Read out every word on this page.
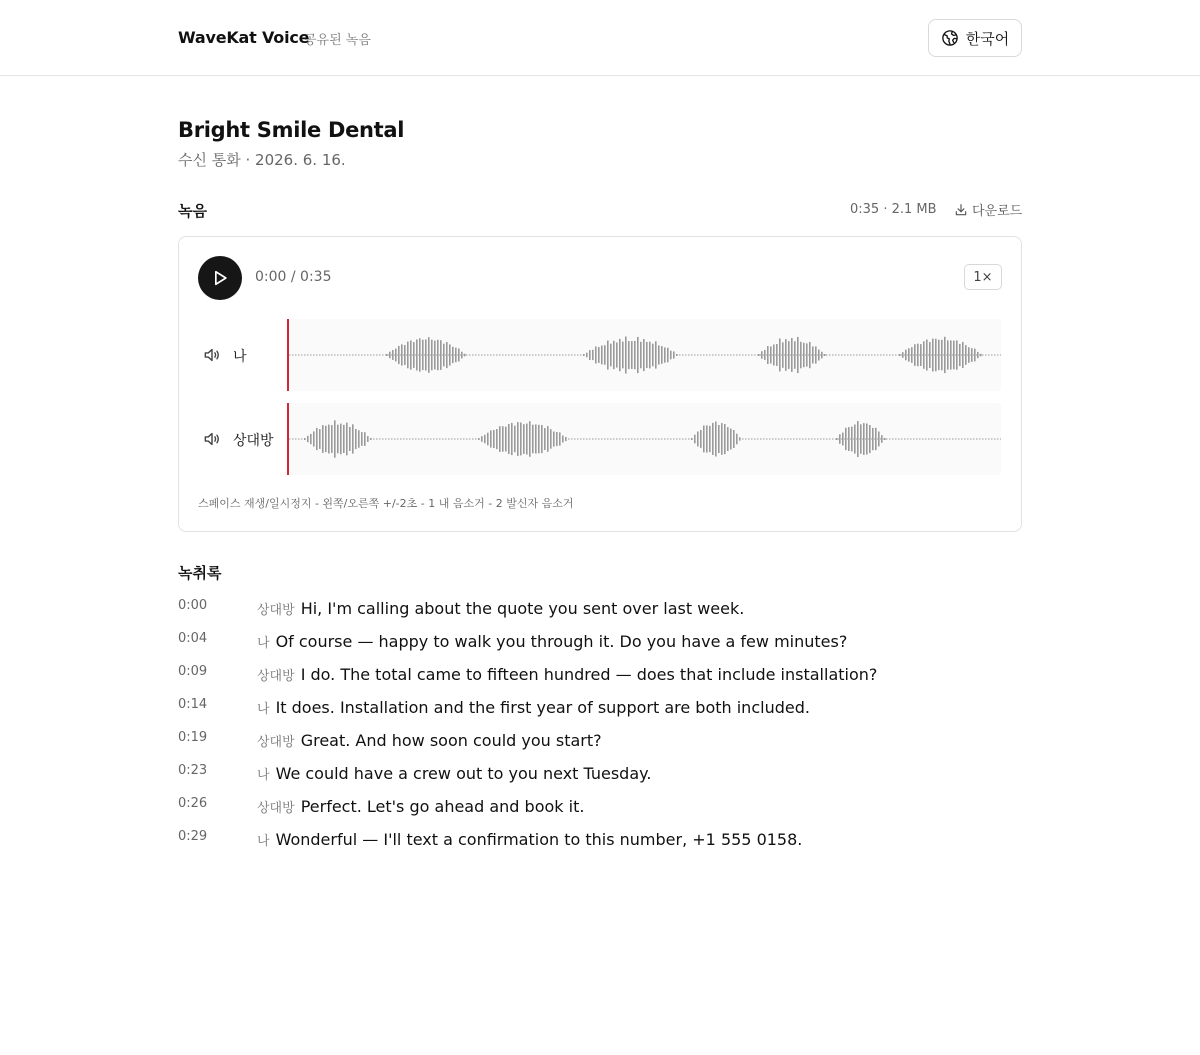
WaveKat Voice
공유된 녹음	한국어
Bright Smile Dental
수신 통화 · 2026. 6. 16.
녹음	0:35 · 2.1 MB	다운로드
0:00 / 0:35	1×
나
상대방
스페이스 재생/일시정지 - 왼쪽/오른쪽 +/-2초 - 1 내 음소거 - 2 발신자 음소거
녹취록
0:00	상대방 Hi, I'm calling about the quote you sent over last week.
0:04	나 Of course — happy to walk you through it. Do you have a few minutes?
0:09	상대방 I do. The total came to fifteen hundred — does that include installation?
0:14	나 It does. Installation and the first year of support are both included.
0:19	상대방 Great. And how soon could you start?
0:23	나 We could have a crew out to you next Tuesday.
0:26	상대방 Perfect. Let's go ahead and book it.
0:29	나 Wonderful — I'll text a confirmation to this number, +1 555 0158.
